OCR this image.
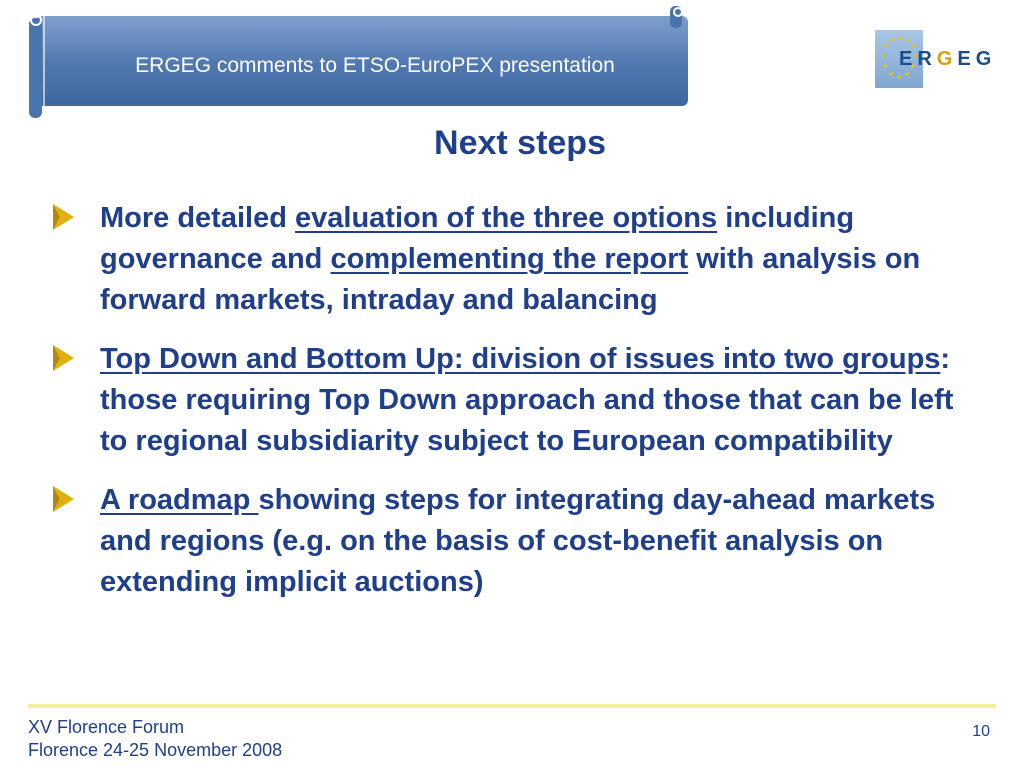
ERGEG comments to ETSO-EuroPEX presentation	ERGEG
Next steps
More detailed evaluation of the three options including governance and complementing the report with analysis on forward markets, intraday and balancing
Top Down and Bottom Up: division of issues into two groups: those requiring Top Down approach and those that can be left to regional subsidiarity subject to European compatibility
A roadmap showing steps for integrating day-ahead markets and regions (e.g. on the basis of cost-benefit analysis on extending implicit auctions)
XV Florence Forum
Florence 24-25 November 2008
10
